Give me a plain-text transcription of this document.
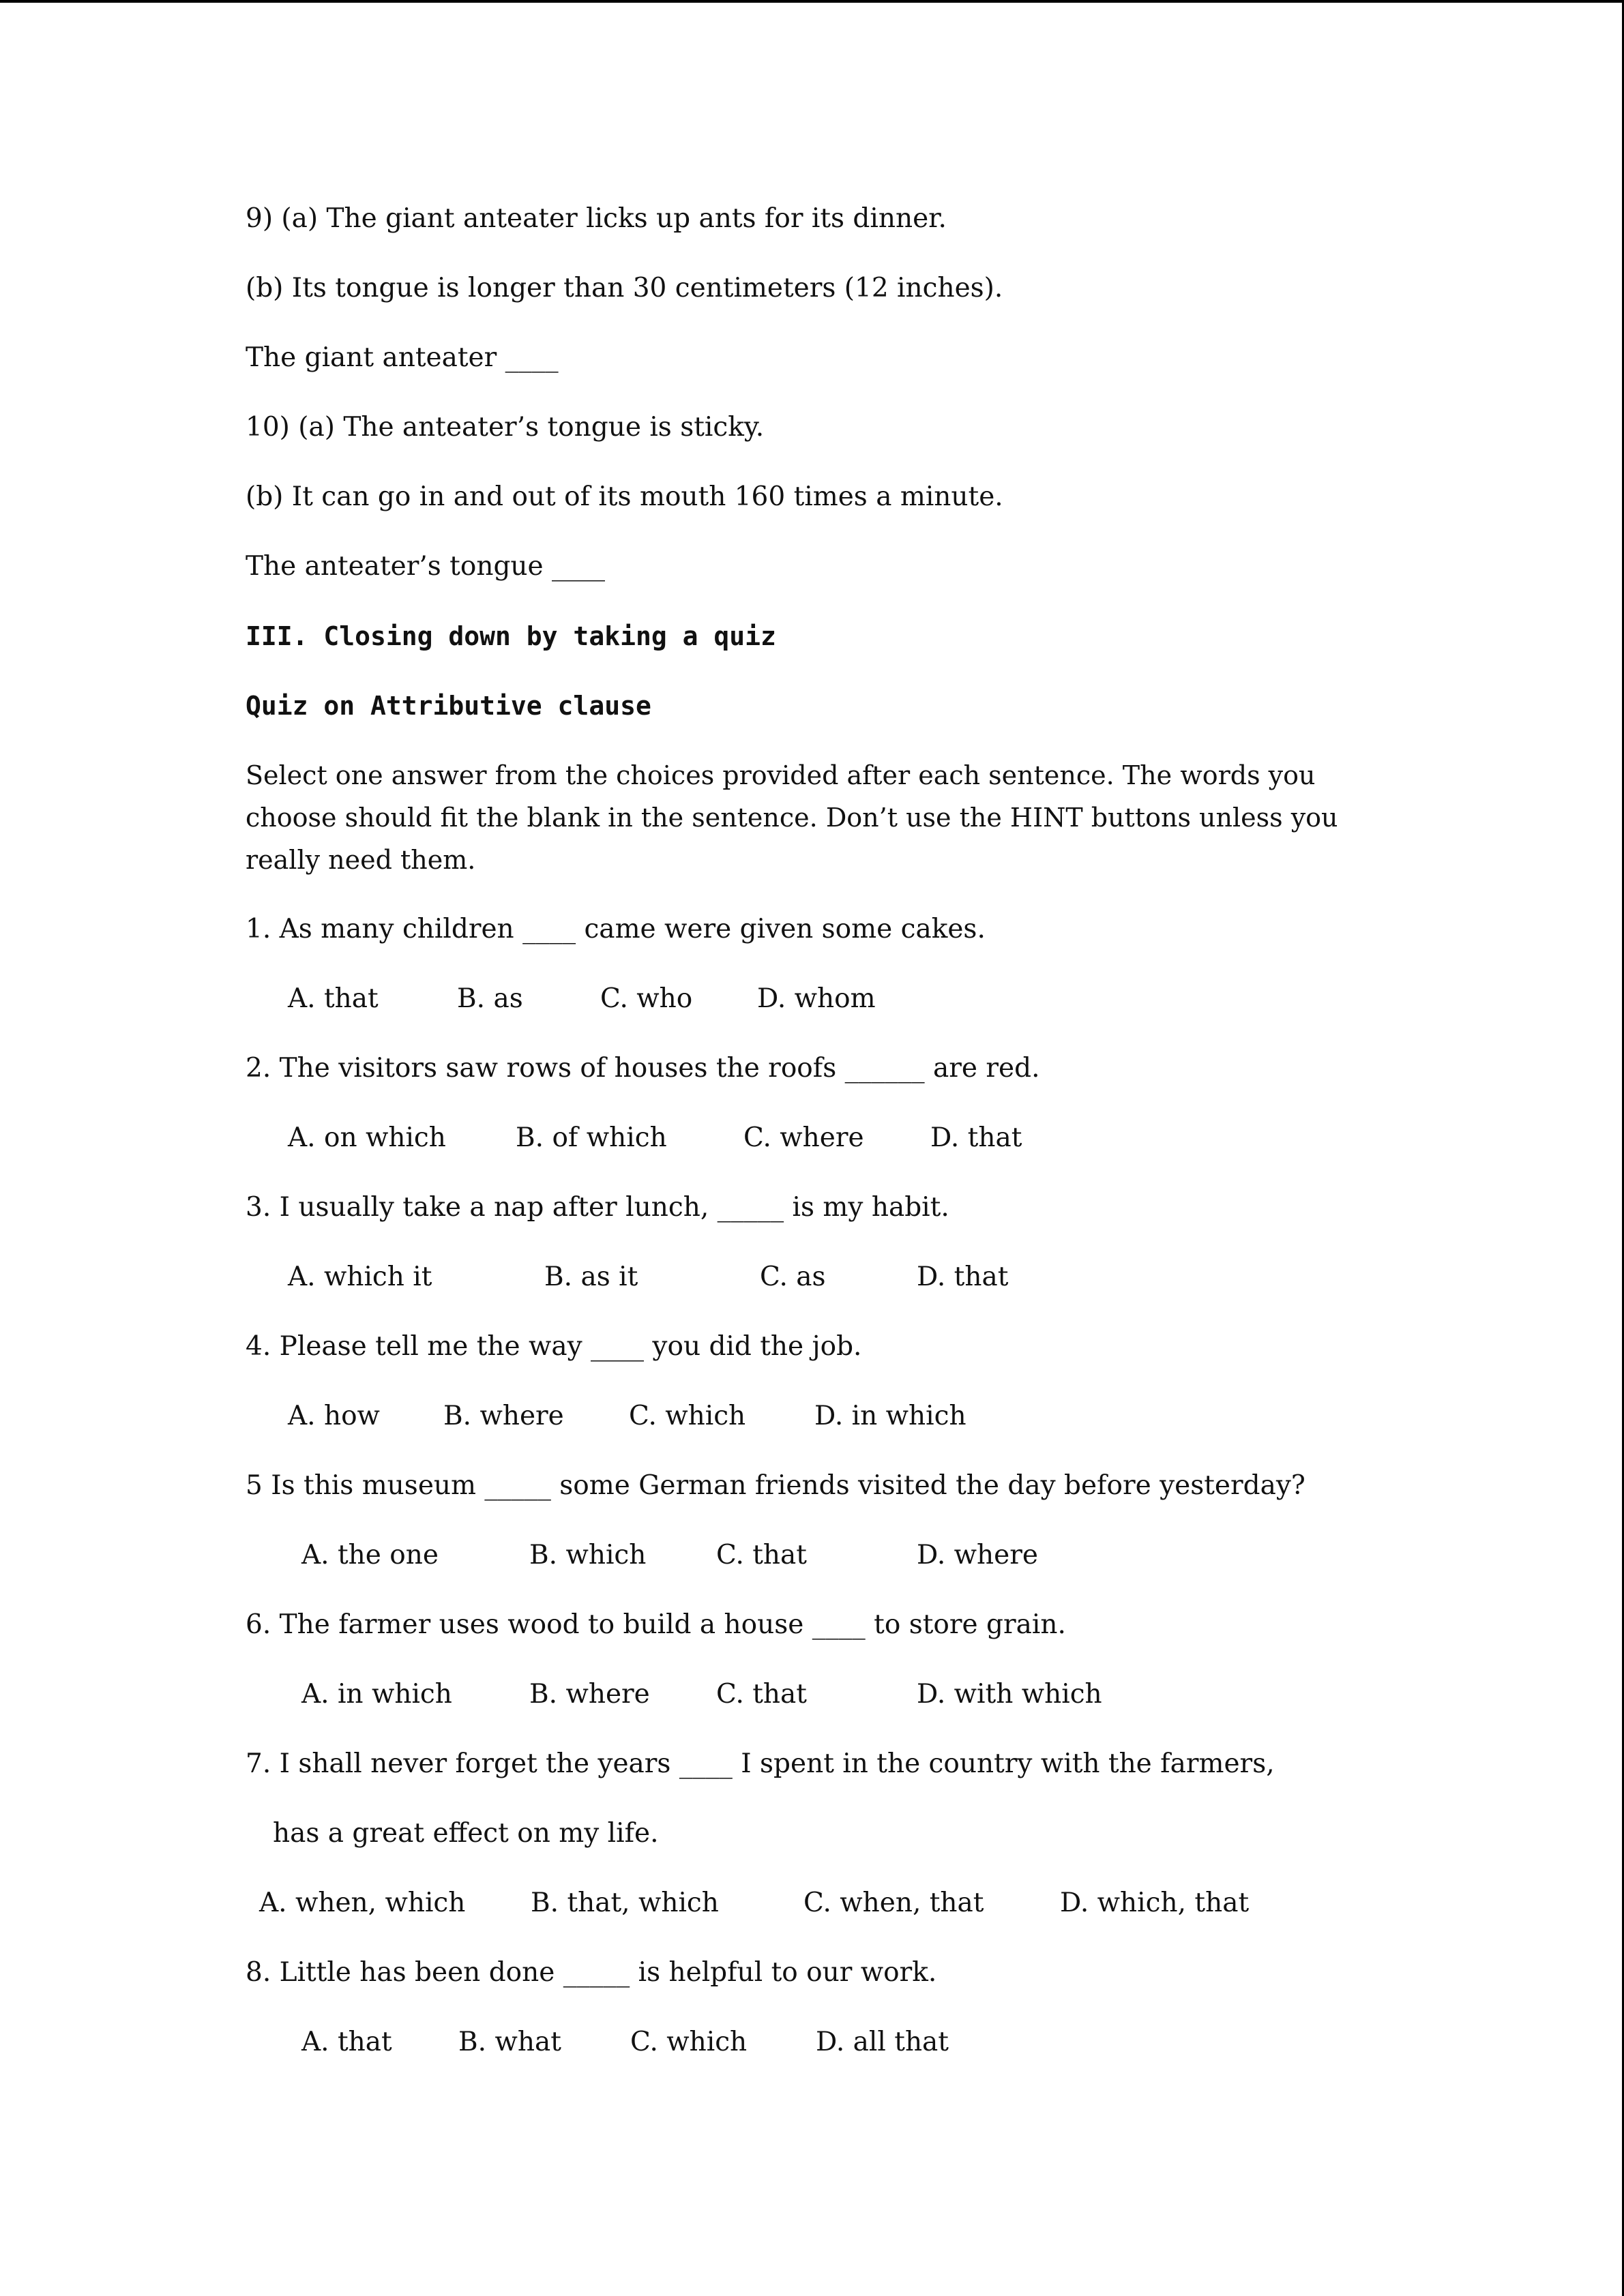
9) (a) The giant anteater licks up ants for its dinner.
(b) Its tongue is longer than 30 centimeters (12 inches).
The giant anteater ____
10) (a) The anteater’s tongue is sticky.
(b) It can go in and out of its mouth 160 times a minute.
The anteater’s tongue ____
III. Closing down by taking a quiz
Quiz on Attributive clause
Select one answer from the choices provided after each sentence. The words you choose should fit the blank in the sentence. Don’t use the HINT buttons unless you really need them.
1. As many children ____ came were given some cakes.
A. that	B. as	C. who	D. whom
2. The visitors saw rows of houses the roofs ______ are red.
A. on which	B. of which	C. where	D. that
3. I usually take a nap after lunch, _____ is my habit.
A. which it	B. as it	C. as	D. that
4. Please tell me the way ____ you did the job.
A. how	B. where	C. which	D. in which
5 Is this museum _____ some German friends visited the day before yesterday?
A. the one	B. which	C. that	D. where
6. The farmer uses wood to build a house ____ to store grain.
A. in which	B. where	C. that	D. with which
7. I shall never forget the years ____ I spent in the country with the farmers,
has a great effect on my life.
A. when, which	B. that, which	C. when, that	D. which, that
8. Little has been done _____ is helpful to our work.
A. that	B. what	C. which	D. all that
